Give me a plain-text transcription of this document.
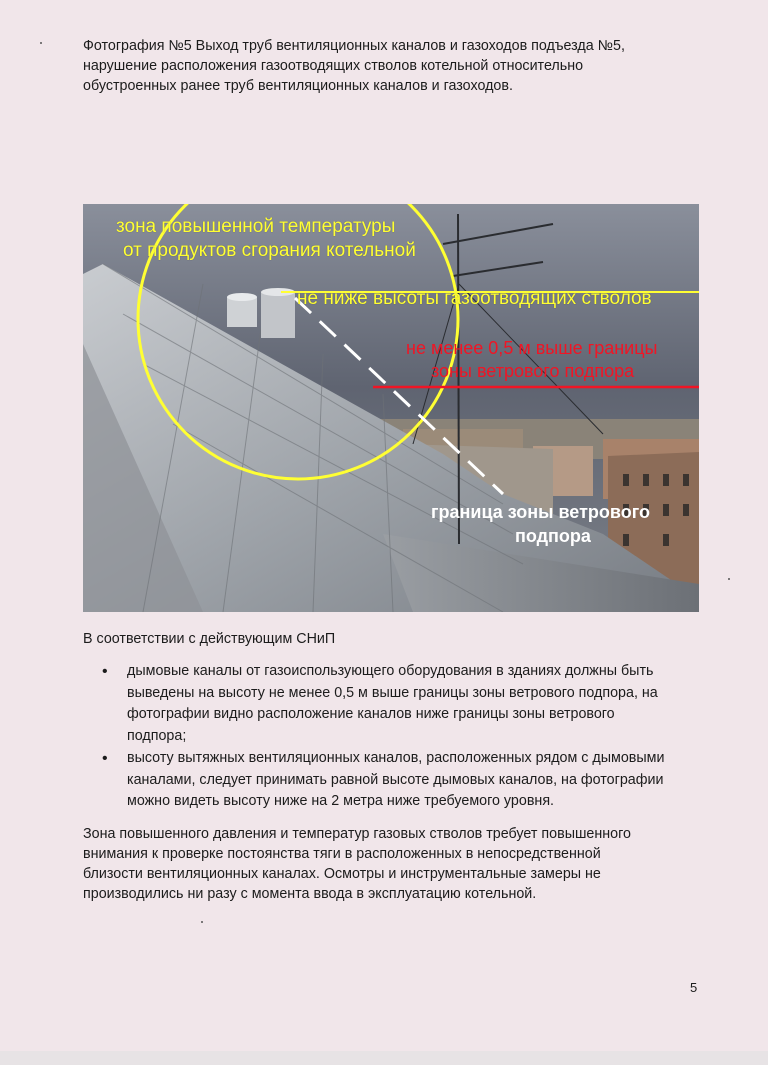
Фотография №5 Выход труб вентиляционных каналов и газоходов подъезда №5,
нарушение расположения газоотводящих стволов котельной относительно
обустроенных ранее труб вентиляционных каналов и газоходов.

зона повышенной температуры
от продуктов сгорания котельной
не ниже высоты газоотводящих стволов
не менее 0,5 м выше границы
зоны ветрового подпора
граница зоны ветрового
подпора

В соответствии с действующим СНиП

• дымовые каналы от газоиспользующего оборудования в зданиях должны быть
выведены на высоту не менее 0,5 м выше границы зоны ветрового подпора, на
фотографии видно расположение каналов ниже границы зоны ветрового
подпора;
• высоту вытяжных вентиляционных каналов, расположенных рядом с дымовыми
каналами, следует принимать равной высоте дымовых каналов, на фотографии
можно видеть высоту ниже на 2 метра ниже требуемого уровня.

Зона повышенного давления и температур газовых стволов требует повышенного
внимания к проверке постоянства тяги в расположенных в непосредственной
близости вентиляционных каналах. Осмотры и инструментальные замеры не
производились ни разу с момента ввода в эксплуатацию котельной.

5
